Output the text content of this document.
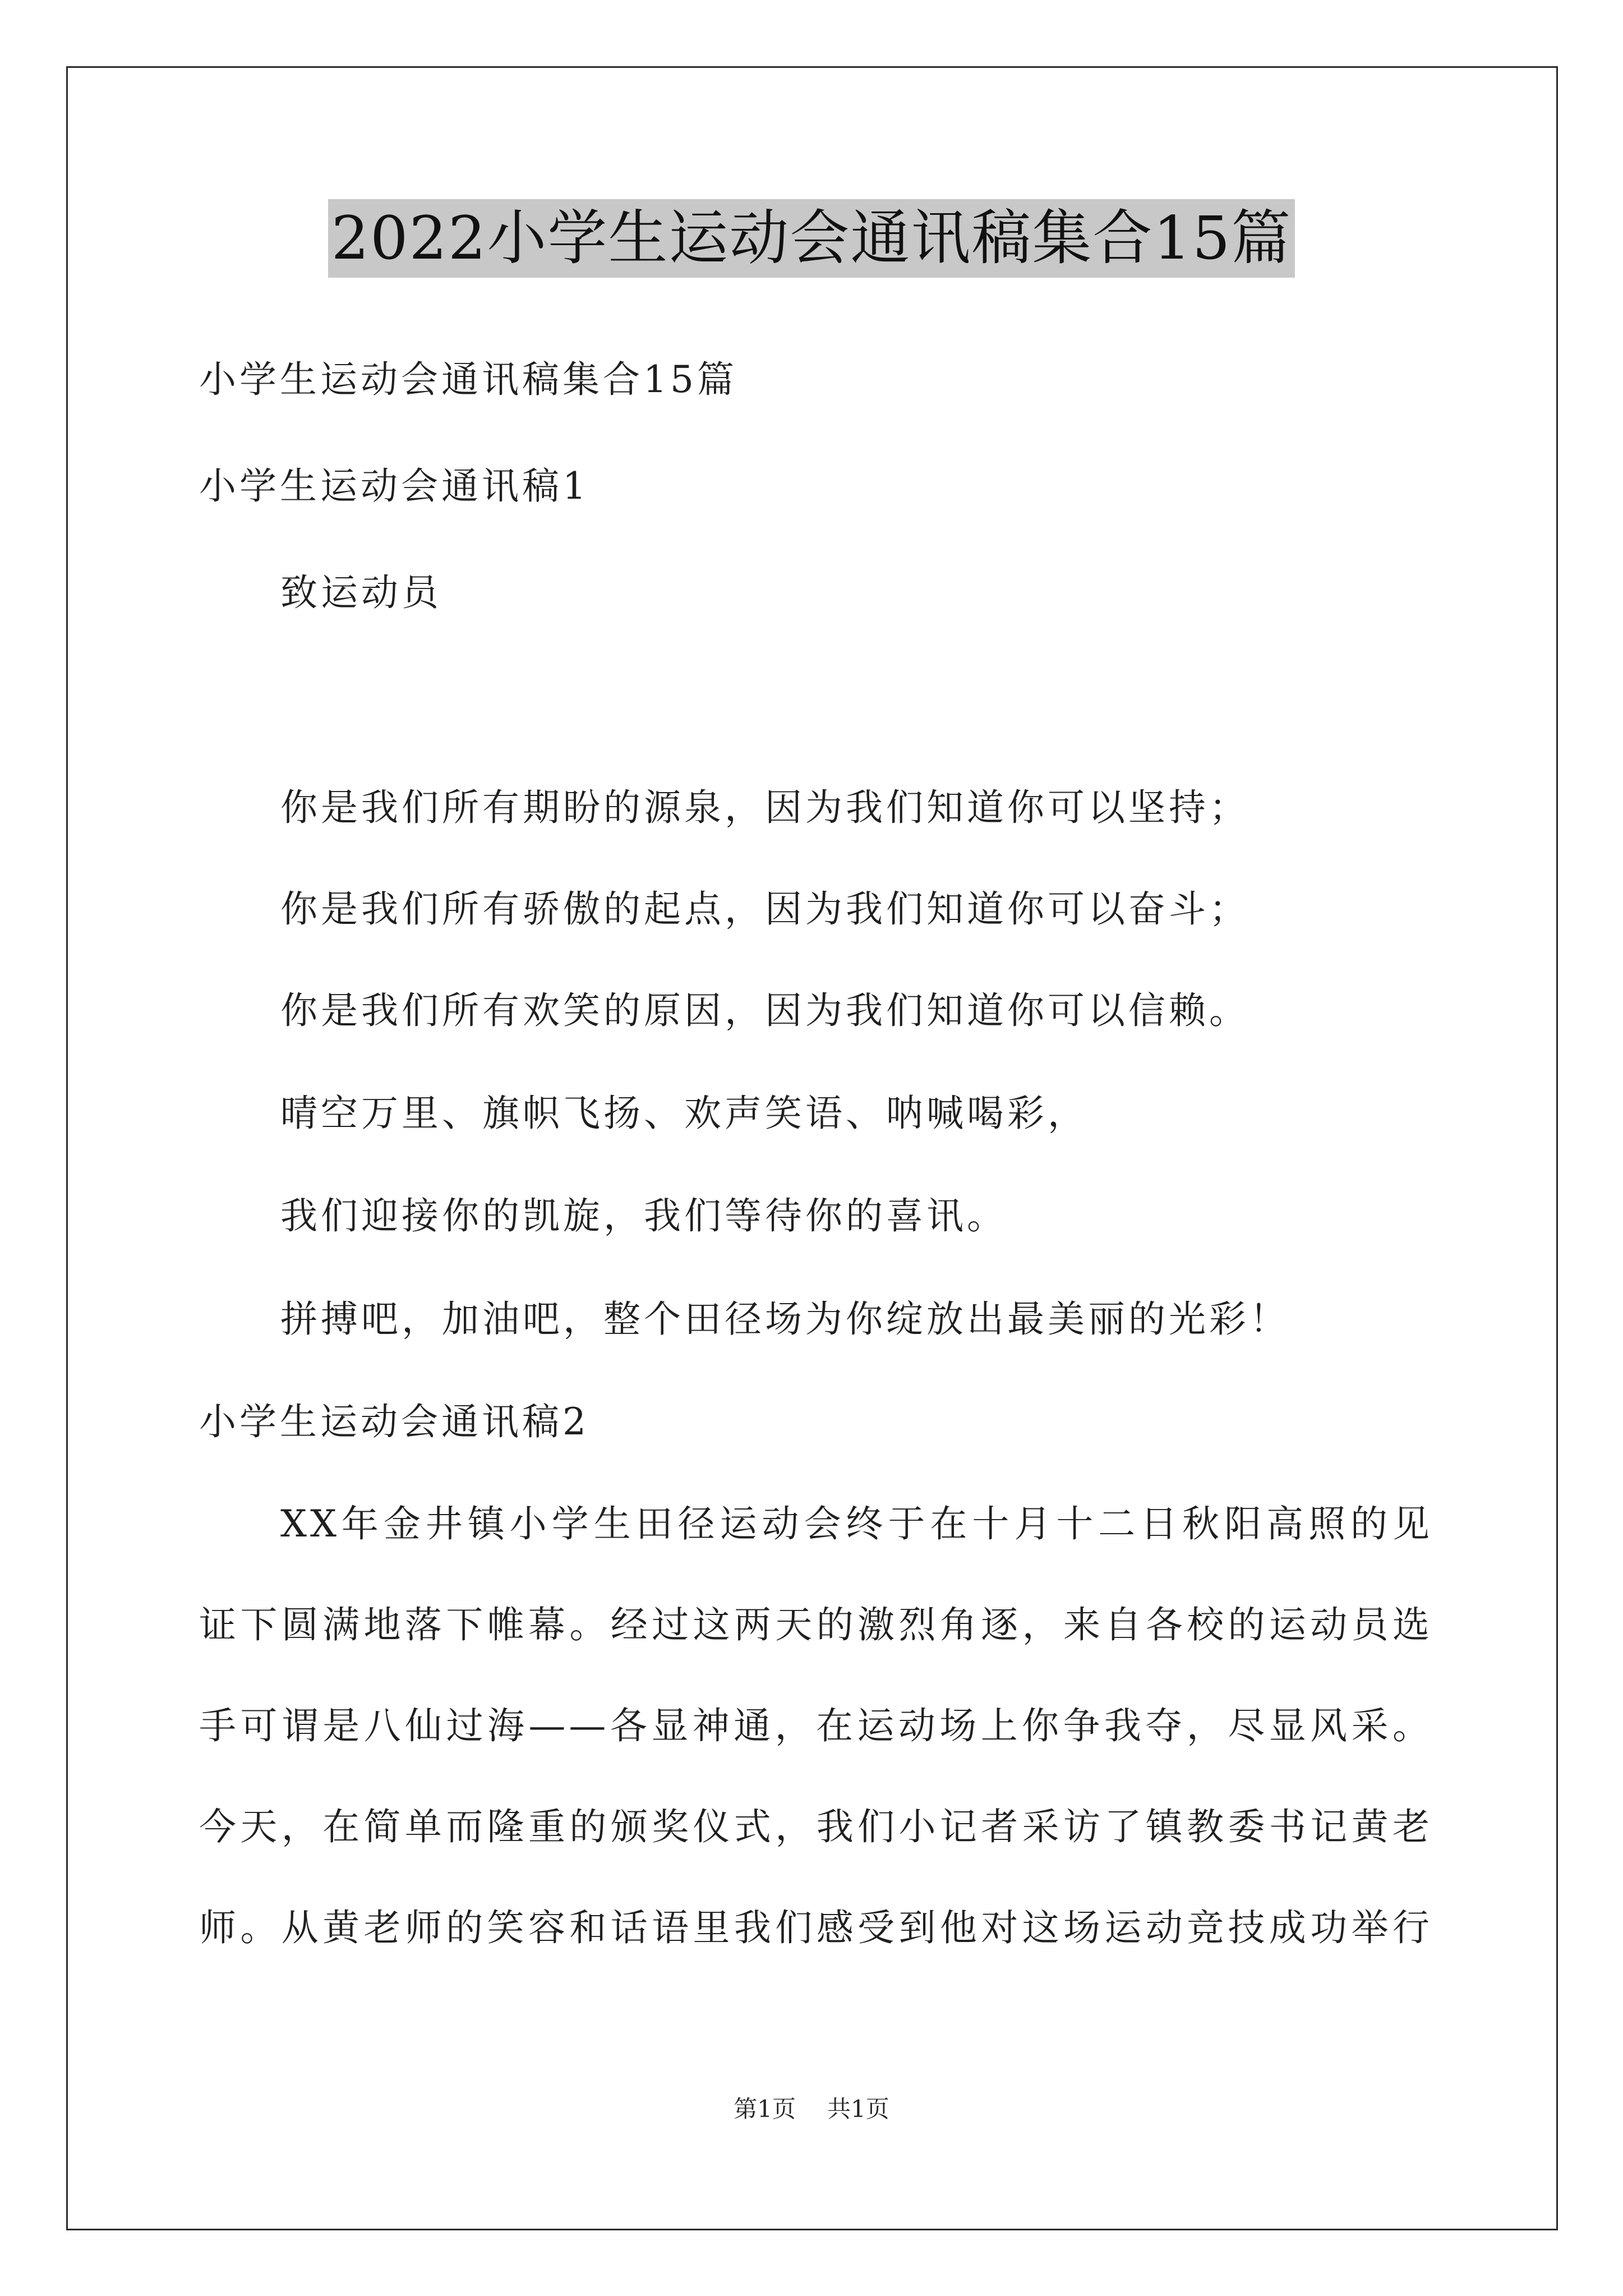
2022小学生运动会通讯稿集合15篇
小学生运动会通讯稿集合15篇
小学生运动会通讯稿1
致运动员
你是我们所有期盼的源泉，因为我们知道你可以坚持；
你是我们所有骄傲的起点，因为我们知道你可以奋斗；
你是我们所有欢笑的原因，因为我们知道你可以信赖。
晴空万里、旗帜飞扬、欢声笑语、呐喊喝彩，
我们迎接你的凯旋，我们等待你的喜讯。
拼搏吧，加油吧，整个田径场为你绽放出最美丽的光彩！
小学生运动会通讯稿2
XX年金井镇小学生田径运动会终于在十月十二日秋阳高照的见
证下圆满地落下帷幕。经过这两天的激烈角逐，来自各校的运动员选
手可谓是八仙过海——各显神通，在运动场上你争我夺，尽显风采。
今天，在简单而隆重的颁奖仪式，我们小记者采访了镇教委书记黄老
师。从黄老师的笑容和话语里我们感受到他对这场运动竞技成功举行
第1页 共1页
